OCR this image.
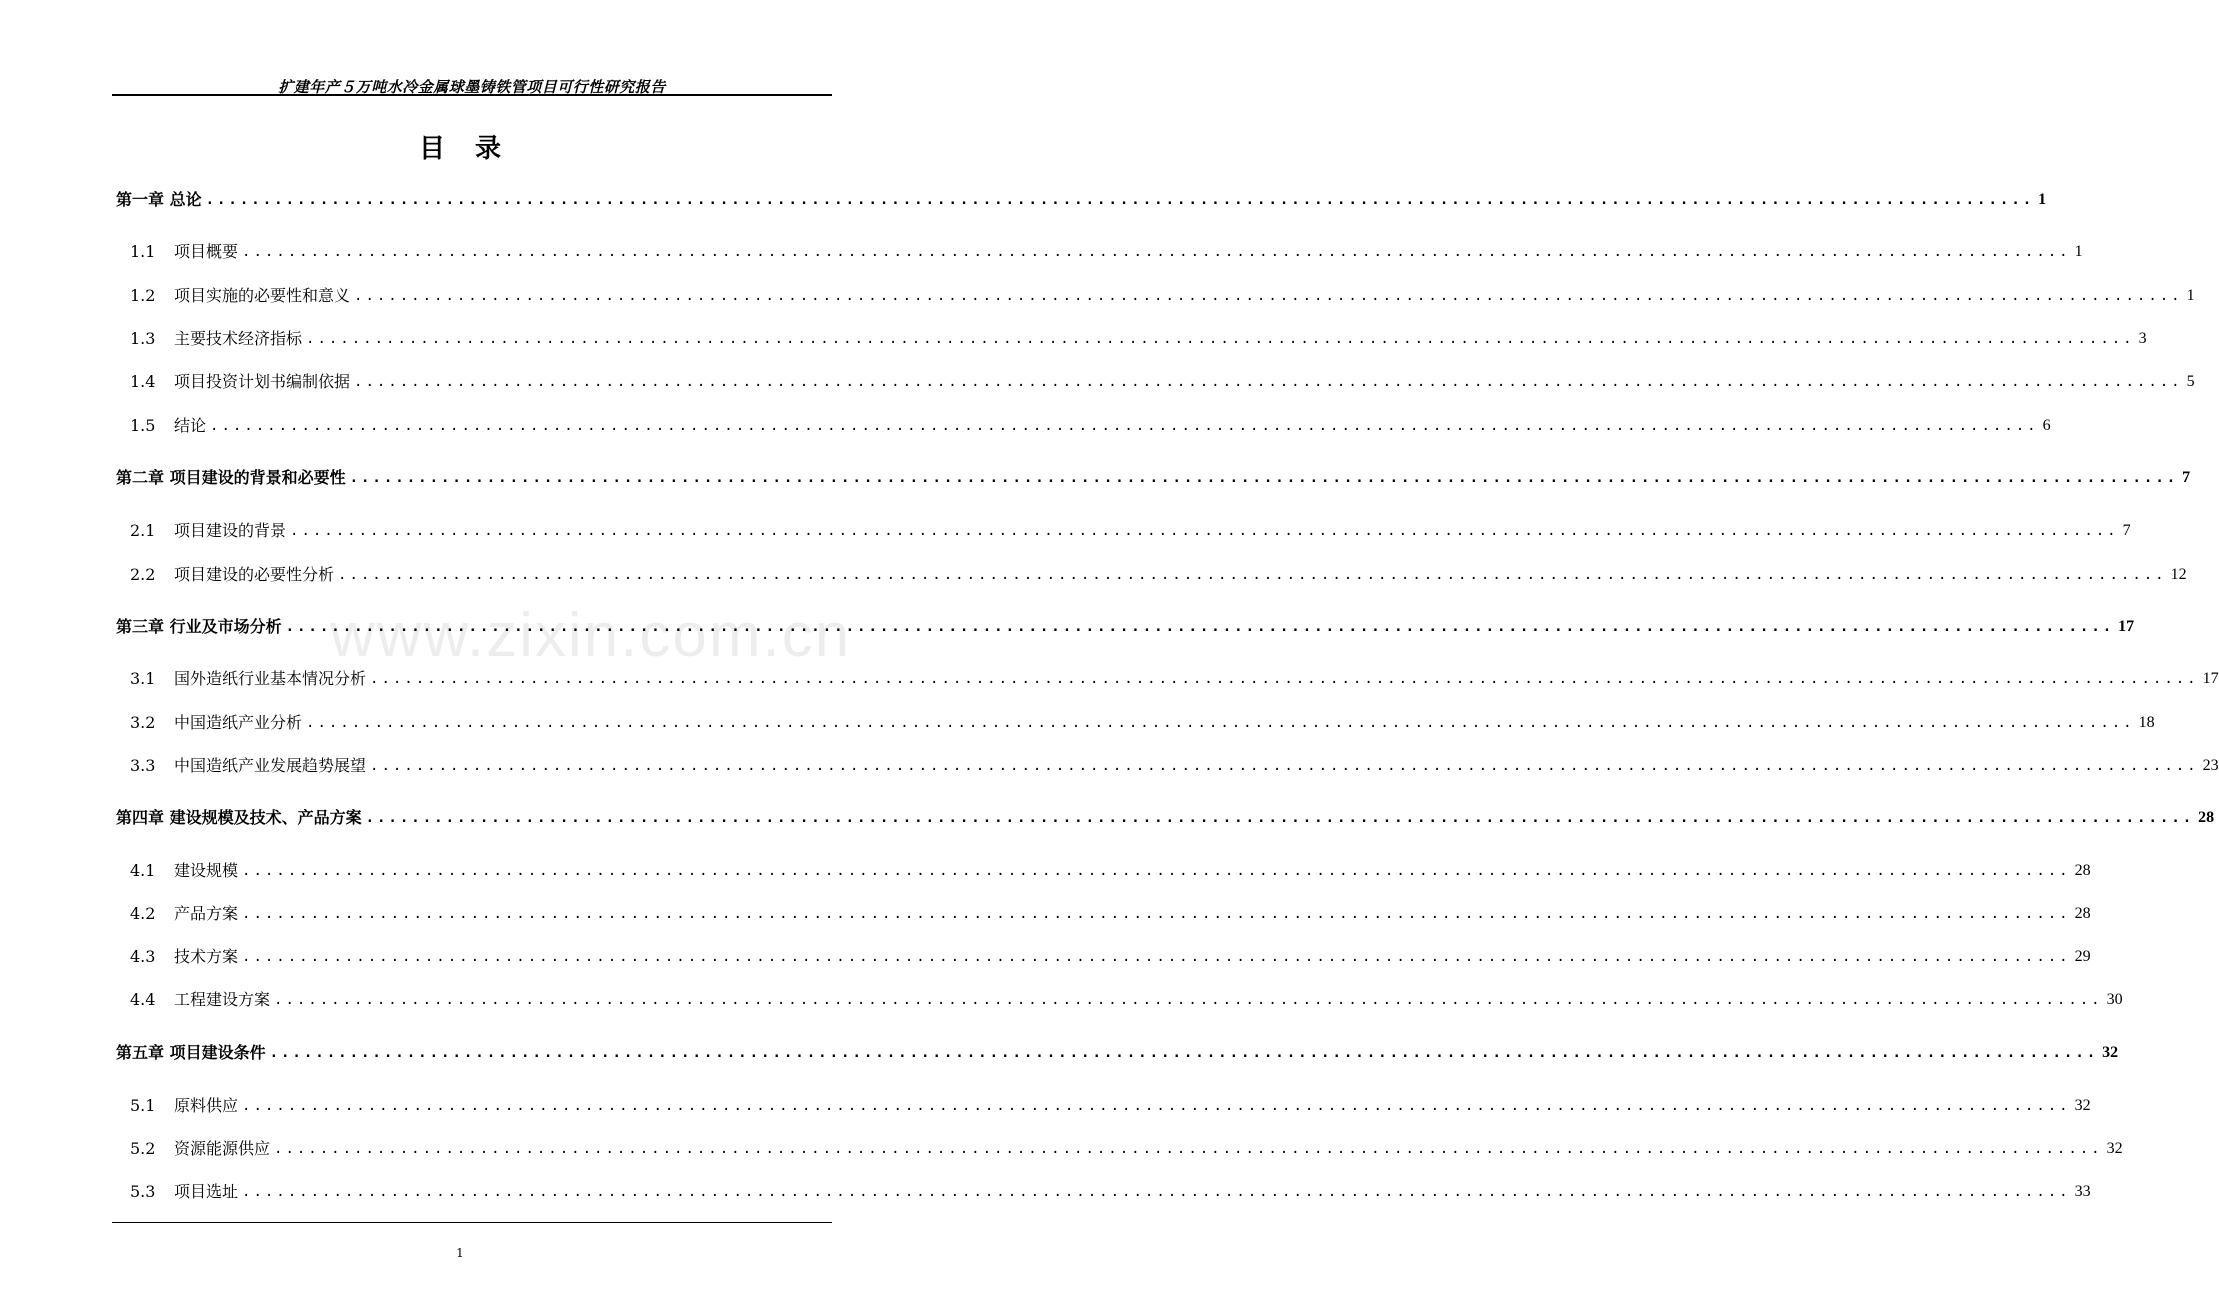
扩建年产５万吨水冷金属球墨铸铁管项目可行性研究报告
目录
www.zixin.com.cn
第一章 总论 ................................................................................................................................................................ 1
1.1 项目概要 ................................................................................................................................................................ 1
1.2 项目实施的必要性和意义 ................................................................................................................................................................ 1
1.3 主要技术经济指标 ................................................................................................................................................................ 3
1.4 项目投资计划书编制依据 ................................................................................................................................................................ 5
1.5 结论 ................................................................................................................................................................ 6
第二章 项目建设的背景和必要性 ................................................................................................................................................................ 7
2.1 项目建设的背景 ................................................................................................................................................................ 7
2.2 项目建设的必要性分析 ................................................................................................................................................................ 12
第三章 行业及市场分析 ................................................................................................................................................................ 17
3.1 国外造纸行业基本情况分析 ................................................................................................................................................................ 17
3.2 中国造纸产业分析 ................................................................................................................................................................ 18
3.3 中国造纸产业发展趋势展望 ................................................................................................................................................................ 23
第四章 建设规模及技术、产品方案 ................................................................................................................................................................ 28
4.1 建设规模 ................................................................................................................................................................ 28
4.2 产品方案 ................................................................................................................................................................ 28
4.3 技术方案 ................................................................................................................................................................ 29
4.4 工程建设方案 ................................................................................................................................................................ 30
第五章 项目建设条件 ................................................................................................................................................................ 32
5.1 原料供应 ................................................................................................................................................................ 32
5.2 资源能源供应 ................................................................................................................................................................ 32
5.3 项目选址 ................................................................................................................................................................ 33
1
